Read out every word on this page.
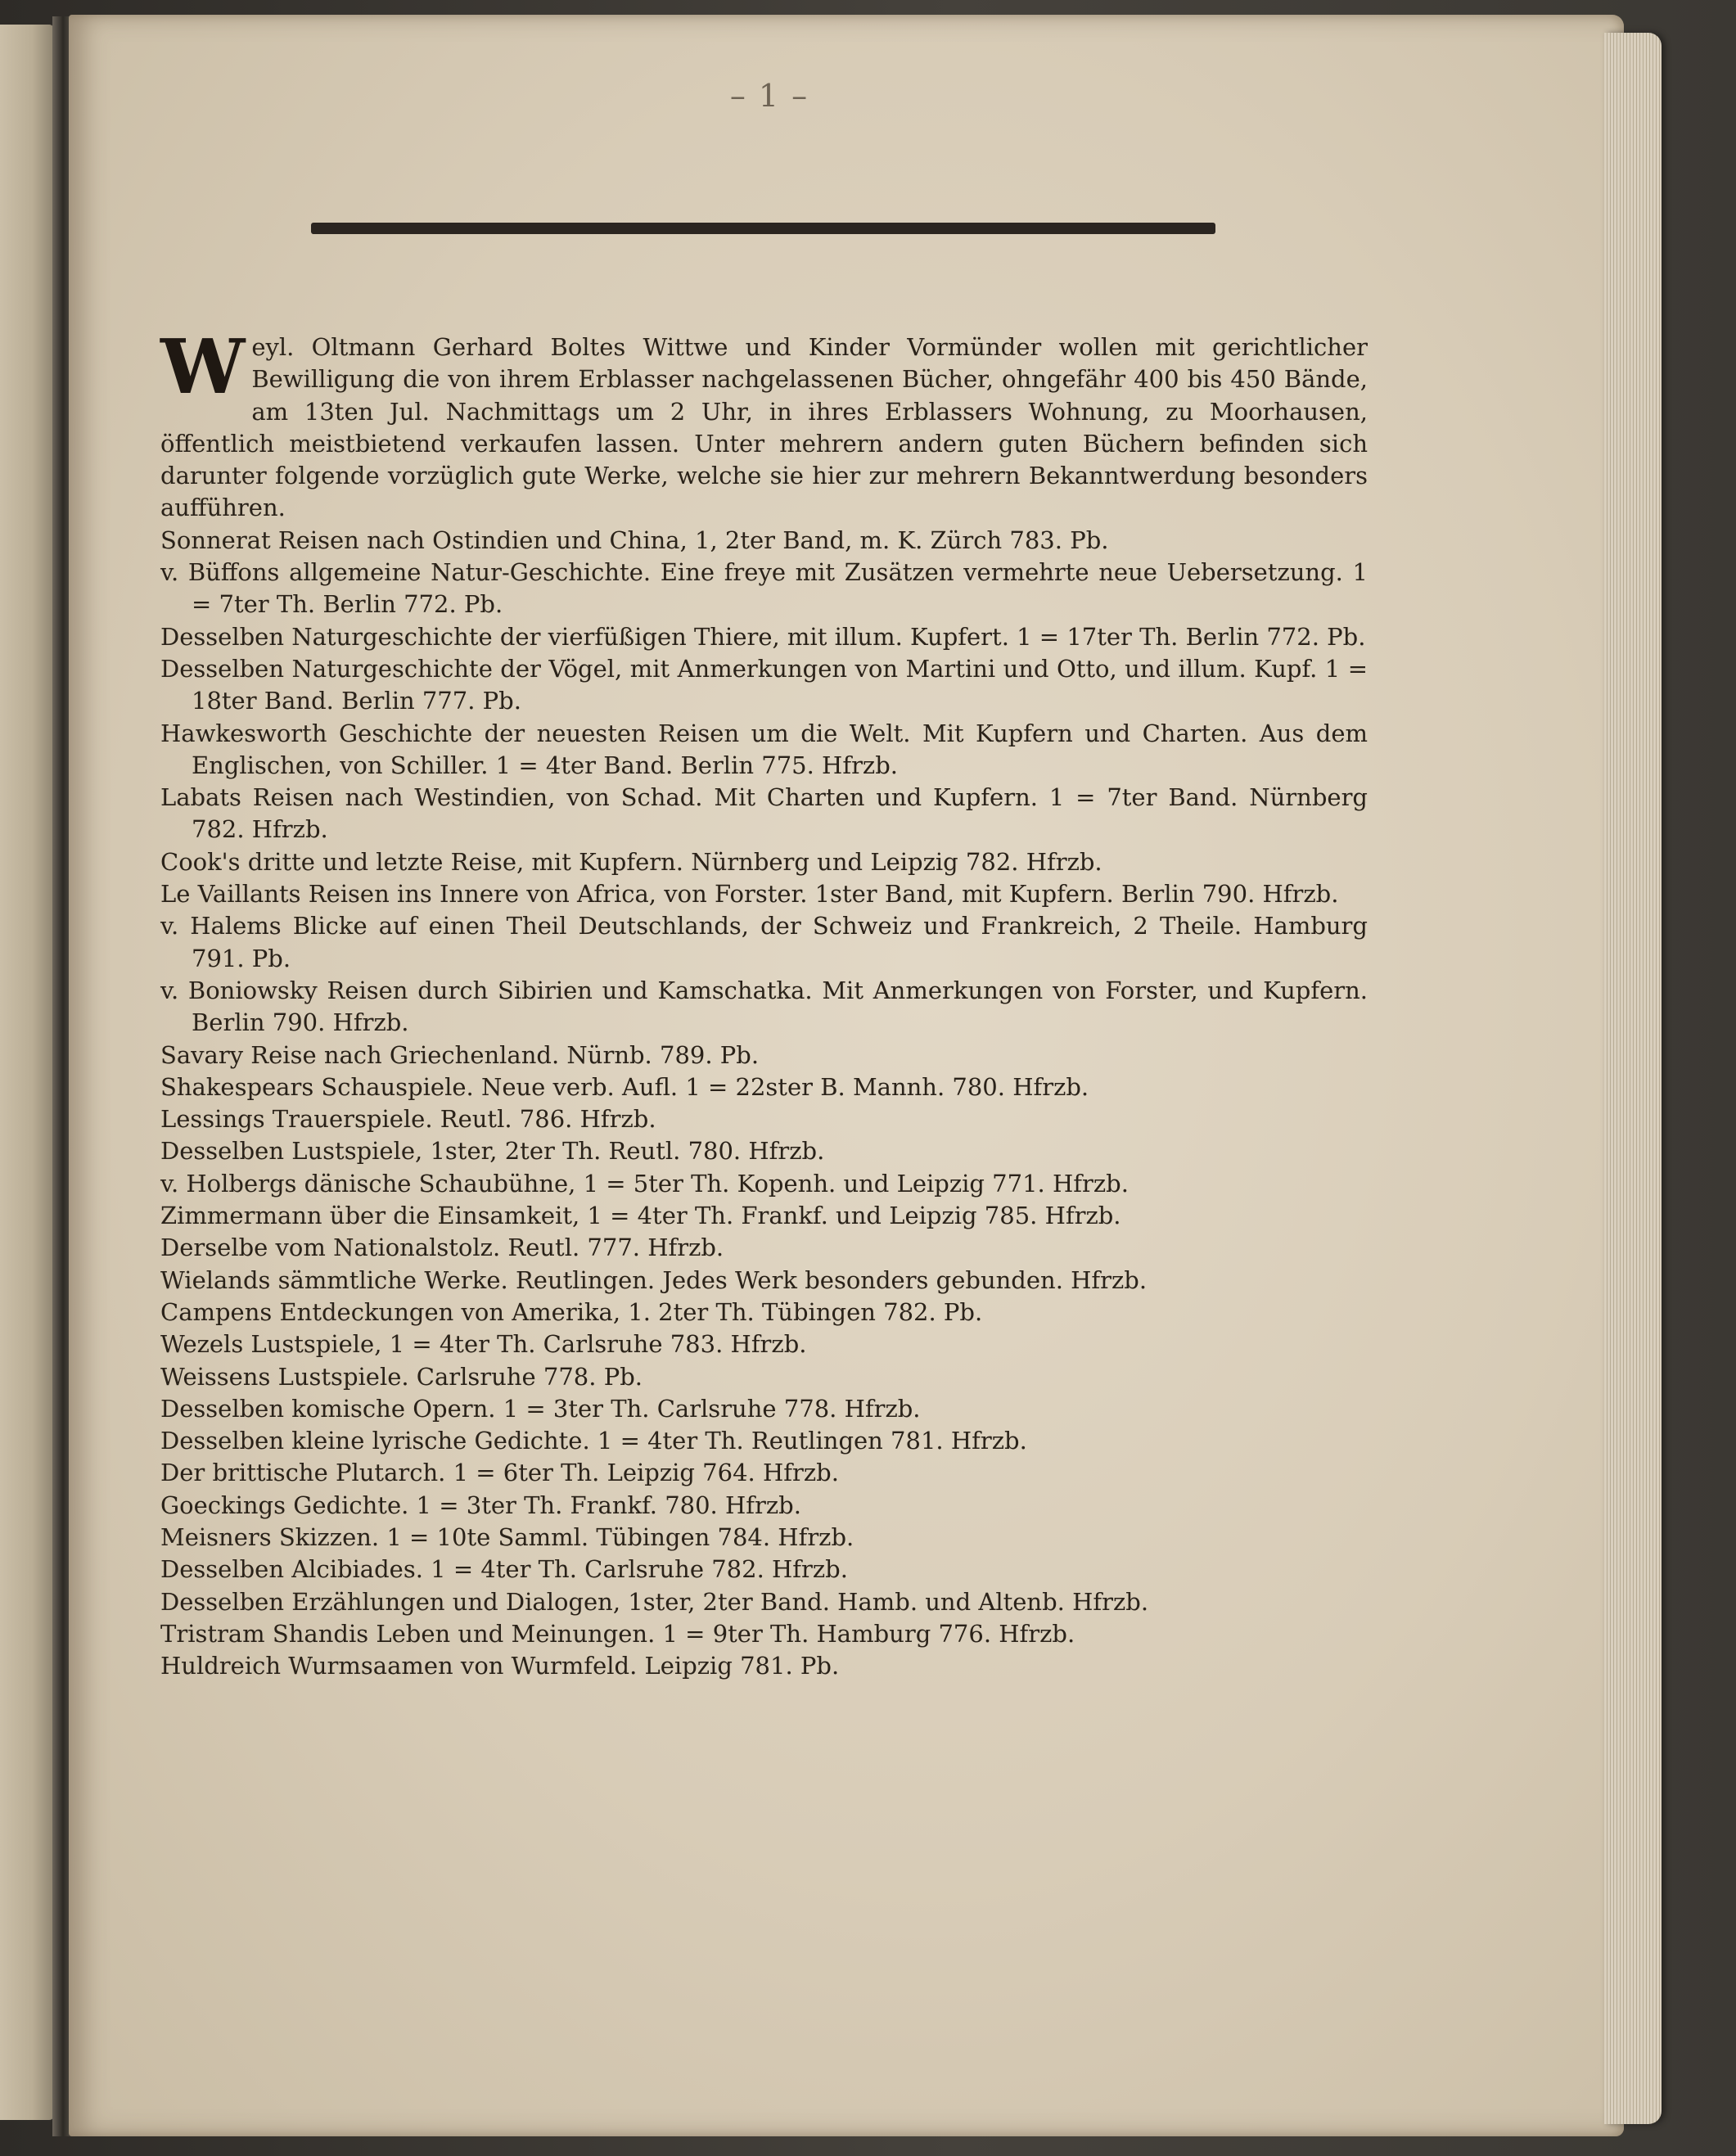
– 1 –

Weyl. Oltmann Gerhard Boltes Wittwe und Kinder Vormünder wollen mit gerichtlicher Bewilligung die von ihrem Erblasser nachgelassenen Bücher, ohngefähr 400 bis 450 Bände, am 13ten Jul. Nachmittags um 2 Uhr, in ihres Erblassers Wohnung, zu Moorhausen, öffentlich meistbietend verkaufen lassen. Unter mehrern andern guten Büchern befinden sich darunter folgende vorzüglich gute Werke, welche sie hier zur mehrern Bekanntwerdung besonders aufführen.

Sonnerat Reisen nach Ostindien und China, 1, 2ter Band, m. K. Zürch 783. Pb.
v. Büffons allgemeine Natur-Geschichte. Eine freye mit Zusätzen vermehrte neue Uebersetzung. 1 = 7ter Th. Berlin 772. Pb.
Desselben Naturgeschichte der vierfüßigen Thiere, mit illum. Kupfert. 1 = 17ter Th. Berlin 772. Pb.
Desselben Naturgeschichte der Vögel, mit Anmerkungen von Martini und Otto, und illum. Kupf. 1 = 18ter Band. Berlin 777. Pb.
Hawkesworth Geschichte der neuesten Reisen um die Welt. Mit Kupfern und Charten. Aus dem Englischen, von Schiller. 1 = 4ter Band. Berlin 775. Hfrzb.
Labats Reisen nach Westindien, von Schad. Mit Charten und Kupfern. 1 = 7ter Band. Nürnberg 782. Hfrzb.
Cook's dritte und letzte Reise, mit Kupfern. Nürnberg und Leipzig 782. Hfrzb.
Le Vaillants Reisen ins Innere von Africa, von Forster. 1ster Band, mit Kupfern. Berlin 790. Hfrzb.
v. Halems Blicke auf einen Theil Deutschlands, der Schweiz und Frankreich, 2 Theile. Hamburg 791. Pb.
v. Boniowsky Reisen durch Sibirien und Kamschatka. Mit Anmerkungen von Forster, und Kupfern. Berlin 790. Hfrzb.
Savary Reise nach Griechenland. Nürnb. 789. Pb.
Shakespears Schauspiele. Neue verb. Aufl. 1 = 22ster B. Mannh. 780. Hfrzb.
Lessings Trauerspiele. Reutl. 786. Hfrzb.
Desselben Lustspiele, 1ster, 2ter Th. Reutl. 780. Hfrzb.
v. Holbergs dänische Schaubühne, 1 = 5ter Th. Kopenh. und Leipzig 771. Hfrzb.
Zimmermann über die Einsamkeit, 1 = 4ter Th. Frankf. und Leipzig 785. Hfrzb.
Derselbe vom Nationalstolz. Reutl. 777. Hfrzb.
Wielands sämmtliche Werke. Reutlingen. Jedes Werk besonders gebunden. Hfrzb.
Campens Entdeckungen von Amerika, 1. 2ter Th. Tübingen 782. Pb.
Wezels Lustspiele, 1 = 4ter Th. Carlsruhe 783. Hfrzb.
Weissens Lustspiele. Carlsruhe 778. Pb.
Desselben komische Opern. 1 = 3ter Th. Carlsruhe 778. Hfrzb.
Desselben kleine lyrische Gedichte. 1 = 4ter Th. Reutlingen 781. Hfrzb.
Der brittische Plutarch. 1 = 6ter Th. Leipzig 764. Hfrzb.
Goeckings Gedichte. 1 = 3ter Th. Frankf. 780. Hfrzb.
Meisners Skizzen. 1 = 10te Samml. Tübingen 784. Hfrzb.
Desselben Alcibiades. 1 = 4ter Th. Carlsruhe 782. Hfrzb.
Desselben Erzählungen und Dialogen, 1ster, 2ter Band. Hamb. und Altenb. Hfrzb.
Tristram Shandis Leben und Meinungen. 1 = 9ter Th. Hamburg 776. Hfrzb.
Huldreich Wurmsaamen von Wurmfeld. Leipzig 781. Pb.
